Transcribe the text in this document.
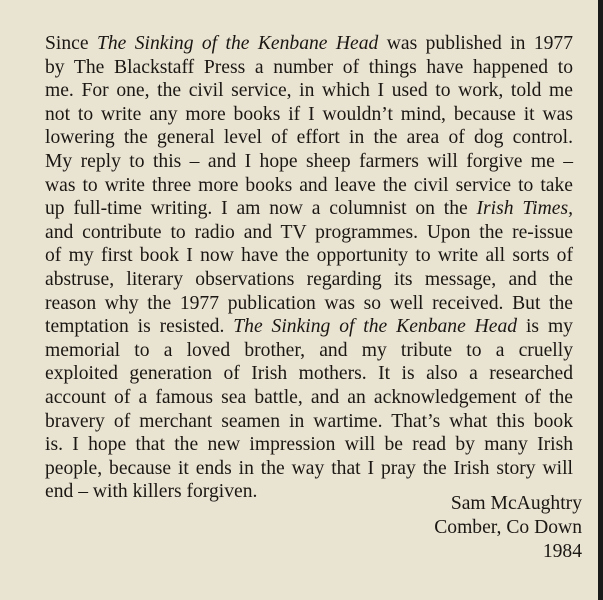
Since The Sinking of the Kenbane Head was published in 1977
by The Blackstaff Press a number of things have happened to
me. For one, the civil service, in which I used to work, told me
not to write any more books if I wouldn’t mind, because it was
lowering the general level of effort in the area of dog control.
My reply to this – and I hope sheep farmers will forgive me –
was to write three more books and leave the civil service to take
up full-time writing. I am now a columnist on the Irish Times,
and contribute to radio and TV programmes. Upon the re-issue
of my first book I now have the opportunity to write all sorts of
abstruse, literary observations regarding its message, and the
reason why the 1977 publication was so well received. But the
temptation is resisted. The Sinking of the Kenbane Head is my
memorial to a loved brother, and my tribute to a cruelly
exploited generation of Irish mothers. It is also a researched
account of a famous sea battle, and an acknowledgement of the
bravery of merchant seamen in wartime. That’s what this book
is. I hope that the new impression will be read by many Irish
people, because it ends in the way that I pray the Irish story will
end – with killers forgiven.
Sam McAughtry
Comber, Co Down
1984
